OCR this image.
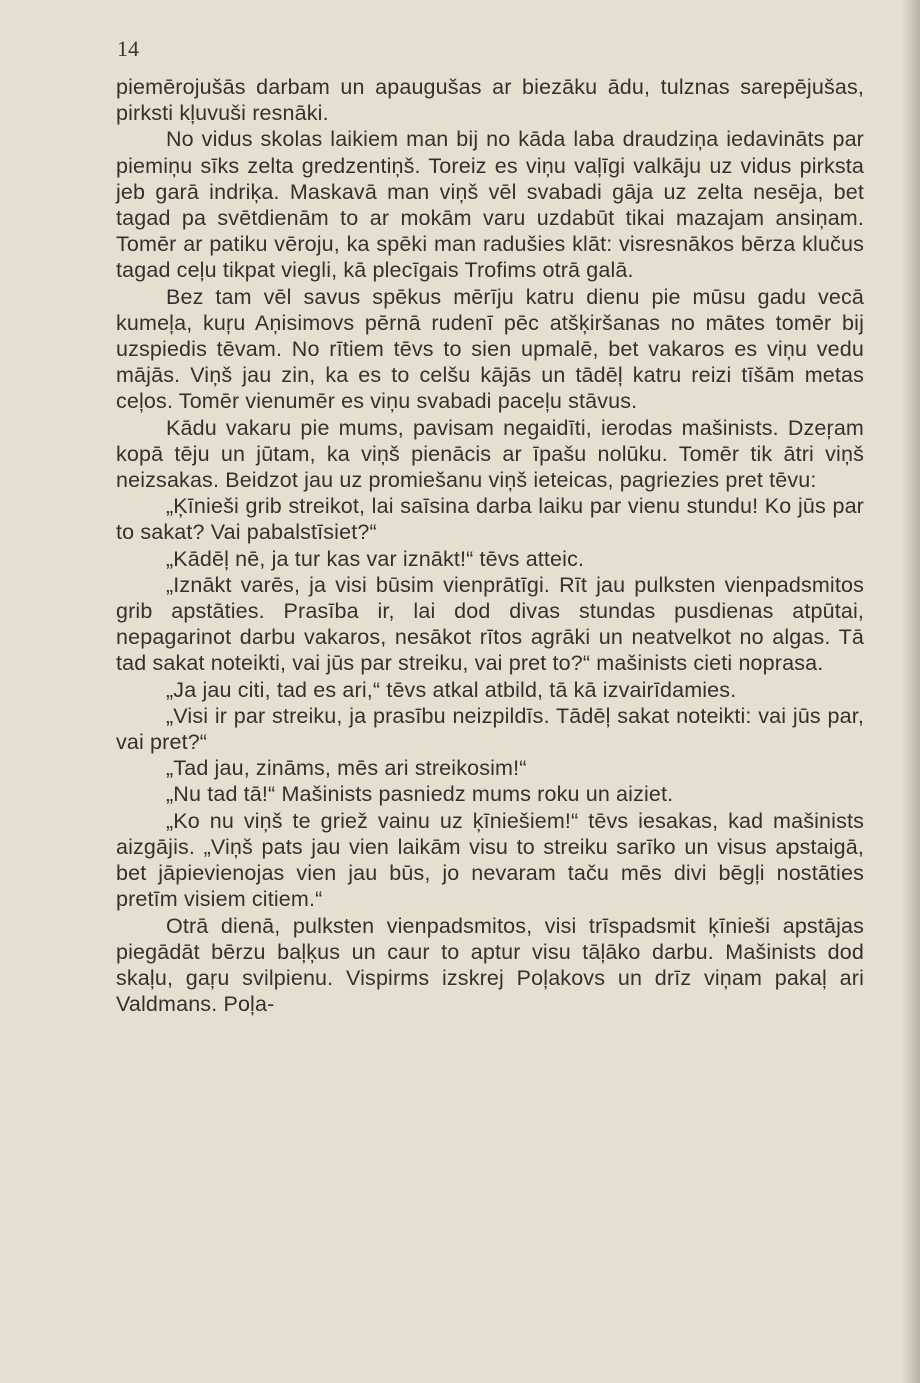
14

piemērojušās darbam un apaugušas ar biezāku ādu, tulznas sarepējušas, pirksti kļuvuši resnāki.

No vidus skolas laikiem man bij no kāda laba draudziņa iedavināts par piemiņu sīks zelta gredzentiņš. Toreiz es viņu vaļīgi valkāju uz vidus pirksta jeb garā indriķa. Maskavā man viņš vēl svabadi gāja uz zelta nesēja, bet tagad pa svētdienām to ar mokām varu uzdabūt tikai mazajam ansiņam. Tomēr ar patiku vēroju, ka spēki man radušies klāt: visresnākos bērza klučus tagad ceļu tikpat viegli, kā plecīgais Trofims otrā galā.

Bez tam vēl savus spēkus mērīju katru dienu pie mūsu gadu vecā kumeļa, kuŗu Aņisimovs pērnā rudenī pēc atšķiršanas no mātes tomēr bij uzspiedis tēvam. No rītiem tēvs to sien upmalē, bet vakaros es viņu vedu mājās. Viņš jau zin, ka es to celšu kājās un tādēļ katru reizi tīšām metas ceļos. Tomēr vienumēr es viņu svabadi paceļu stāvus.

Kādu vakaru pie mums, pavisam negaidīti, ierodas mašinists. Dzeŗam kopā tēju un jūtam, ka viņš pienācis ar īpašu nolūku. Tomēr tik ātri viņš neizsakas. Beidzot jau uz promiešanu viņš ieteicas, pagriezies pret tēvu:

„Ķīnieši grib streikot, lai saīsina darba laiku par vienu stundu! Ko jūs par to sakat? Vai pabalstīsiet?“

„Kādēļ nē, ja tur kas var iznākt!“ tēvs atteic.

„Iznākt varēs, ja visi būsim vienprātīgi. Rīt jau pulksten vienpadsmitos grib apstāties. Prasība ir, lai dod divas stundas pusdienas atpūtai, nepagarinot darbu vakaros, nesākot rītos agrāki un neatvelkot no algas. Tā tad sakat noteikti, vai jūs par streiku, vai pret to?“ mašinists cieti noprasa.

„Ja jau citi, tad es ari,“ tēvs atkal atbild, tā kā izvairīdamies.

„Visi ir par streiku, ja prasību neizpildīs. Tādēļ sakat noteikti: vai jūs par, vai pret?“

„Tad jau, zināms, mēs ari streikosim!“

„Nu tad tā!“ Mašinists pasniedz mums roku un aiziet.

„Ko nu viņš te griež vainu uz ķīniešiem!“ tēvs iesakas, kad mašinists aizgājis. „Viņš pats jau vien laikām visu to streiku sarīko un visus apstaigā, bet jāpievienojas vien jau būs, jo nevaram taču mēs divi bēgļi nostāties pretīm visiem citiem.“

Otrā dienā, pulksten vienpadsmitos, visi trīspadsmit ķīnieši apstājas piegādāt bērzu baļķus un caur to aptur visu tāļāko darbu. Mašinists dod skaļu, gaŗu svilpienu. Vispirms izskrej Poļakovs un drīz viņam pakaļ ari Valdmans. Poļa-
